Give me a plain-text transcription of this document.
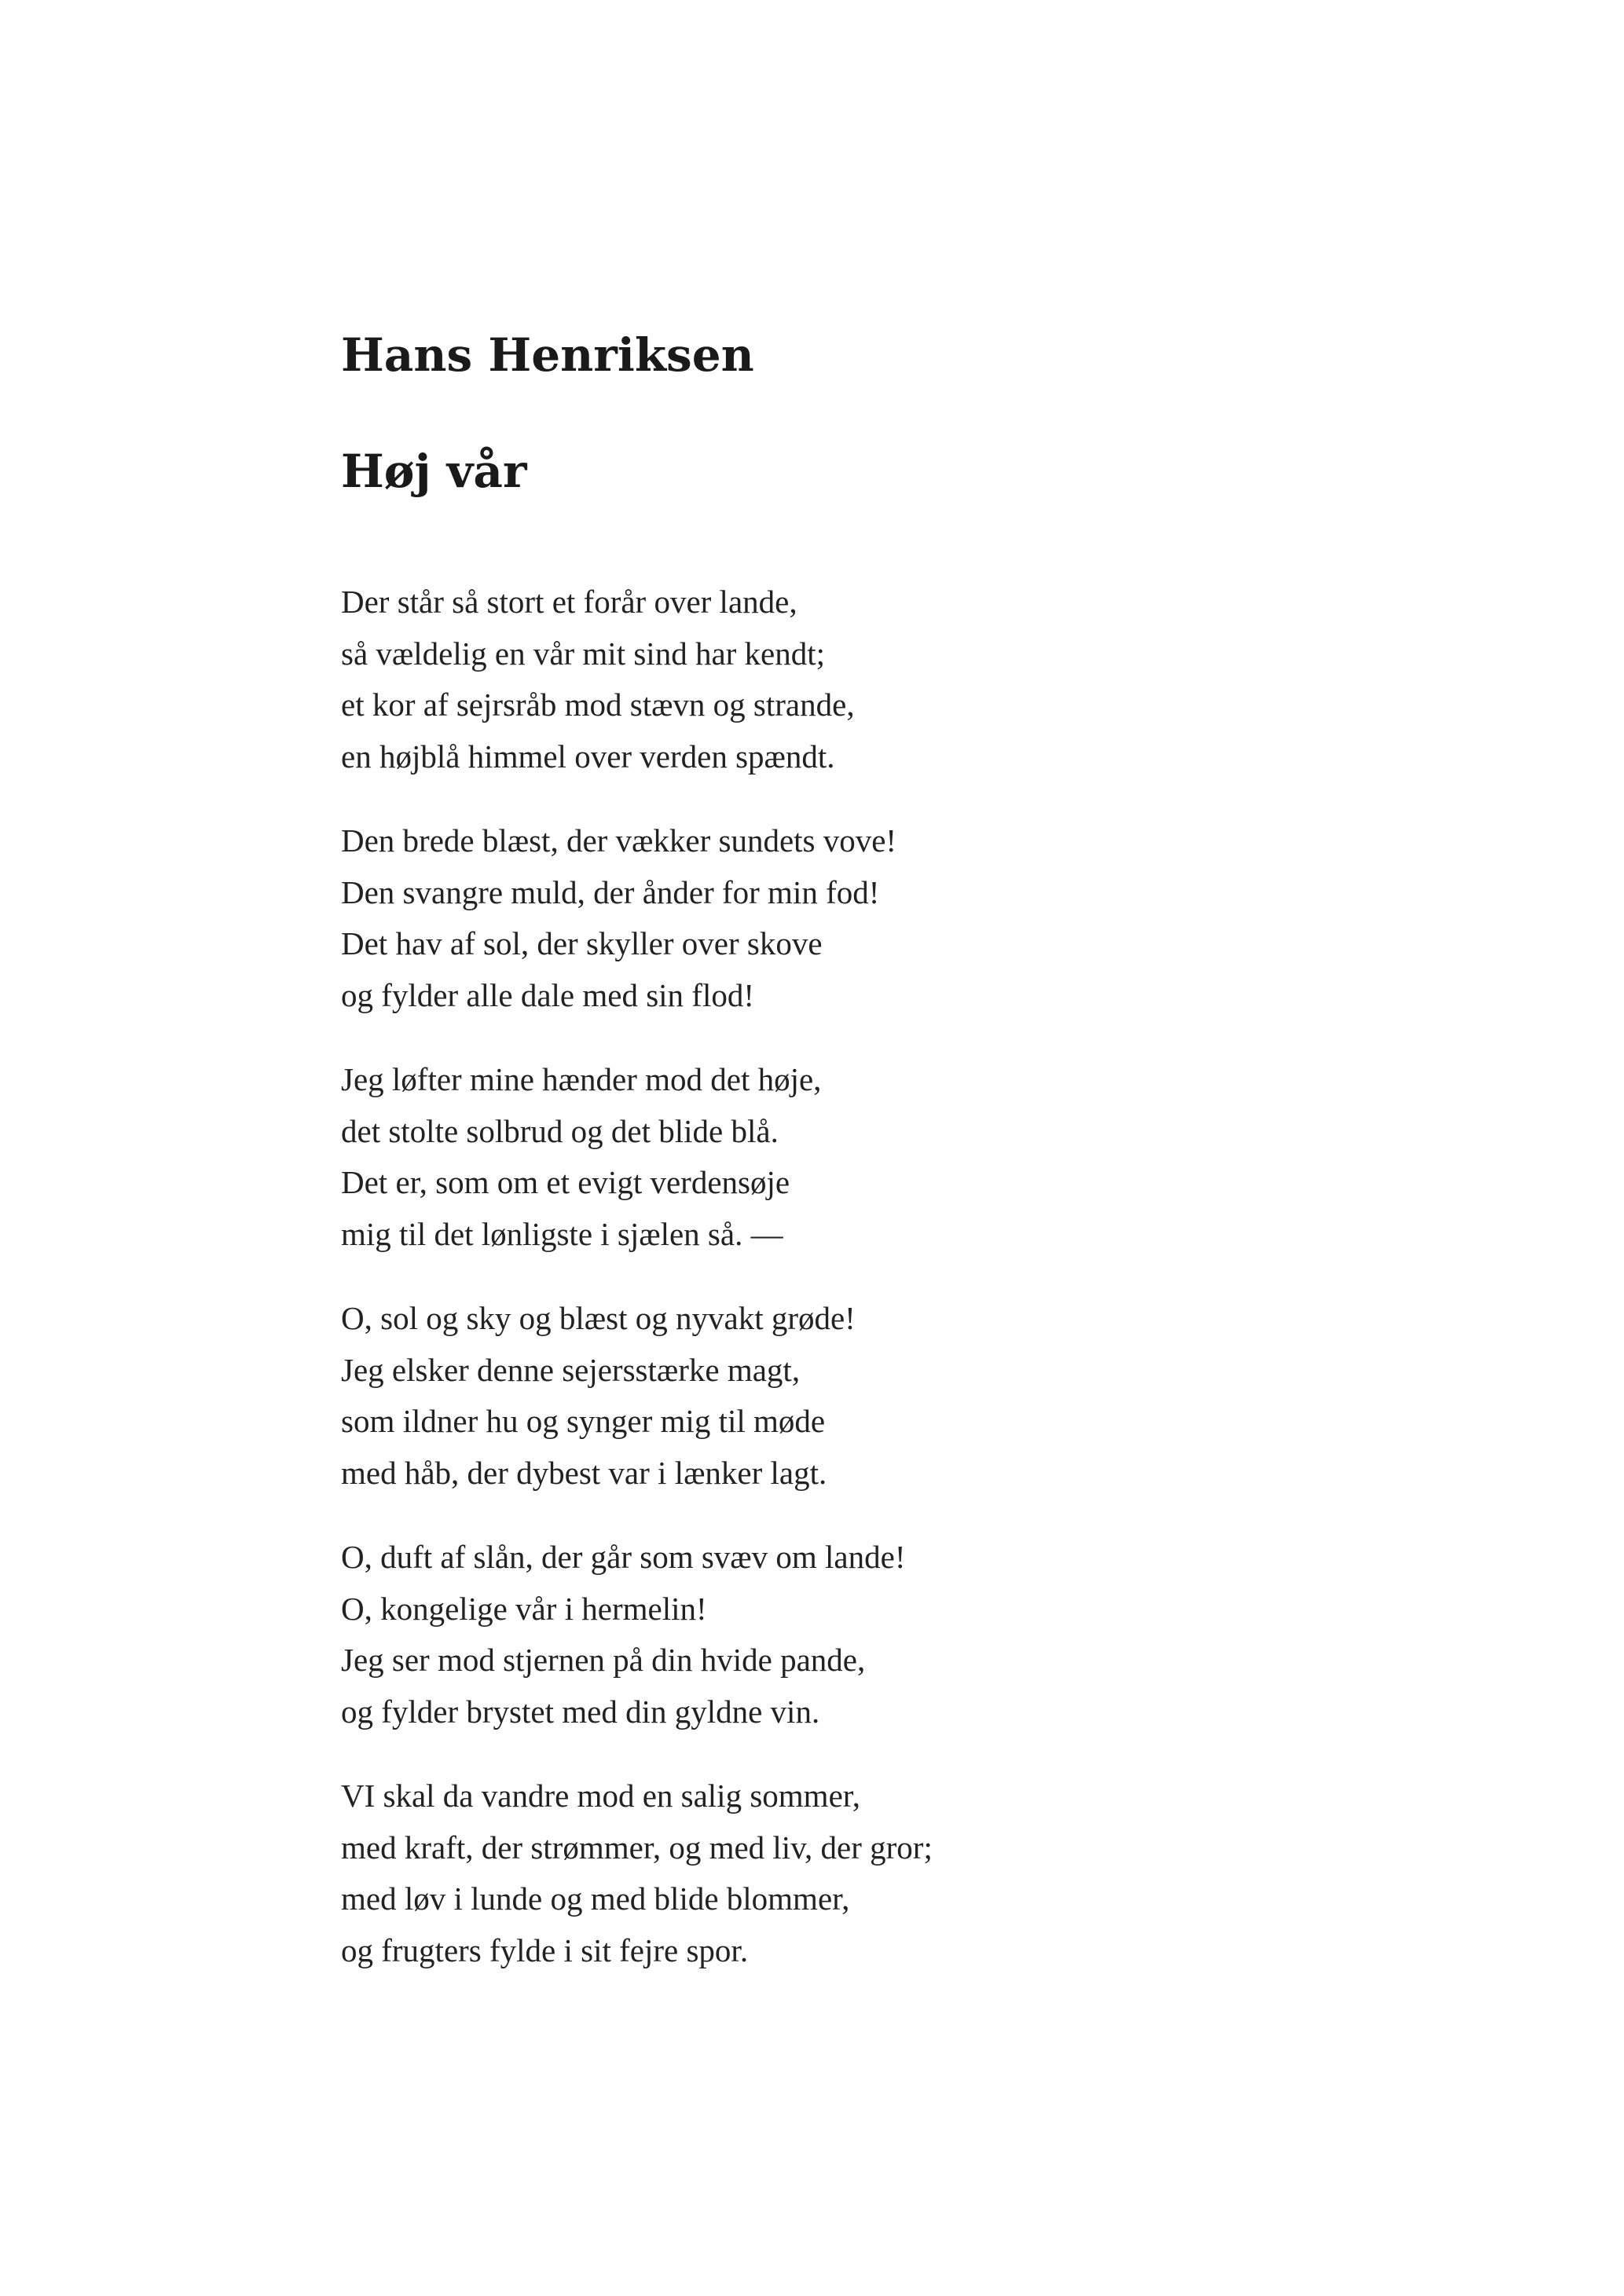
Hans Henriksen
Høj vår
Der står så stort et forår over lande,
så vældelig en vår mit sind har kendt;
et kor af sejrsråb mod stævn og strande,
en højblå himmel over verden spændt.
Den brede blæst, der vækker sundets vove!
Den svangre muld, der ånder for min fod!
Det hav af sol, der skyller over skove
og fylder alle dale med sin flod!
Jeg løfter mine hænder mod det høje,
det stolte solbrud og det blide blå.
Det er, som om et evigt verdensøje
mig til det lønligste i sjælen så. —
O, sol og sky og blæst og nyvakt grøde!
Jeg elsker denne sejersstærke magt,
som ildner hu og synger mig til møde
med håb, der dybest var i lænker lagt.
O, duft af slån, der går som svæv om lande!
O, kongelige vår i hermelin!
Jeg ser mod stjernen på din hvide pande,
og fylder brystet med din gyldne vin.
VI skal da vandre mod en salig sommer,
med kraft, der strømmer, og med liv, der gror;
med løv i lunde og med blide blommer,
og frugters fylde i sit fejre spor.
